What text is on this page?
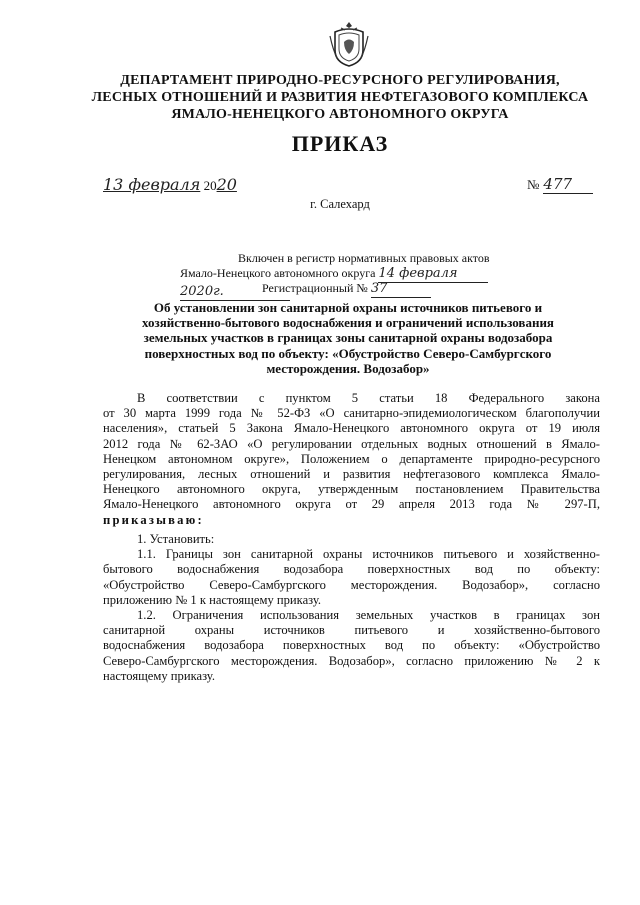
ДЕПАРТАМЕНТ ПРИРОДНО-РЕСУРСНОГО РЕГУЛИРОВАНИЯ,
ЛЕСНЫХ ОТНОШЕНИЙ И РАЗВИТИЯ НЕФТЕГАЗОВОГО КОМПЛЕКСА
ЯМАЛО-НЕНЕЦКОГО АВТОНОМНОГО ОКРУГА
ПРИКАЗ
13 февраля 2020	№ 477
г. Салехард
Включен в регистр нормативных правовых актов
Ямало-Ненецкого автономного округа 14 февраля 2020г.	Регистрационный № 37
Об установлении зон санитарной охраны источников питьевого и
хозяйственно-бытового водоснабжения и ограничений использования
земельных участков в границах зоны санитарной охраны водозабора
поверхностных вод по объекту: «Обустройство Северо-Самбургского
месторождения. Водозабор»
В соответствии с пунктом 5 статьи 18 Федерального закона
от 30 марта 1999 года № 52-ФЗ «О санитарно-эпидемиологическом благополучии
населения», статьей 5 Закона Ямало-Ненецкого автономного округа от 19 июля
2012 года № 62-ЗАО «О регулировании отдельных водных отношений в Ямало-
Ненецком автономном округе», Положением о департаменте природно-ресурсного
регулирования, лесных отношений и развития нефтегазового комплекса Ямало-
Ненецкого автономного округа, утвержденным постановлением Правительства
Ямало-Ненецкого автономного округа от 29 апреля 2013 года № 297-П,
приказываю:
1. Установить:
1.1. Границы зон санитарной охраны источников питьевого и хозяйственно-
бытового водоснабжения водозабора поверхностных вод по объекту:
«Обустройство Северо-Самбургского месторождения. Водозабор», согласно
приложению № 1 к настоящему приказу.
1.2. Ограничения использования земельных участков в границах зон
санитарной охраны источников питьевого и хозяйственно-бытового
водоснабжения водозабора поверхностных вод по объекту: «Обустройство
Северо-Самбургского месторождения. Водозабор», согласно приложению № 2 к
настоящему приказу.
